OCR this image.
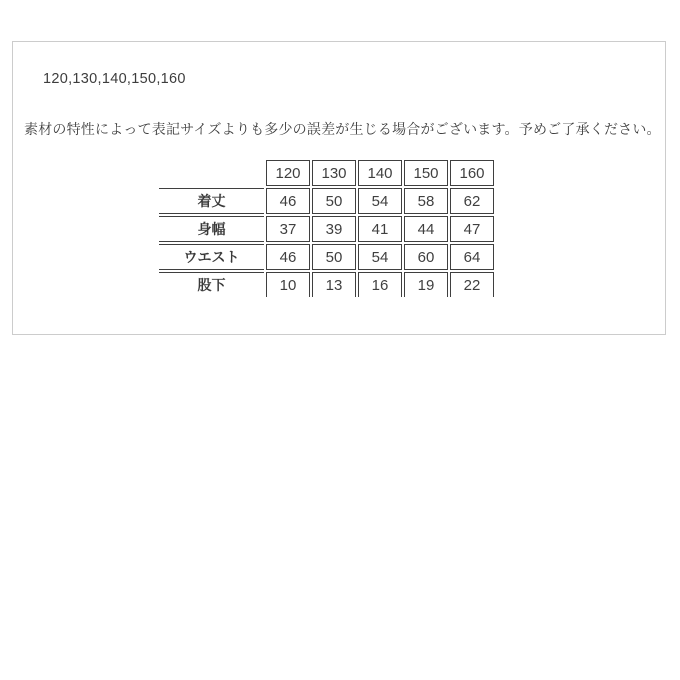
120,130,140,150,160

素材の特性によって表記サイズよりも多少の誤差が生じる場合がございます。予めご了承ください。

	120	130	140	150	160
着丈	46	50	54	58	62
身幅	37	39	41	44	47
ウエスト	46	50	54	60	64
股下	10	13	16	19	22
